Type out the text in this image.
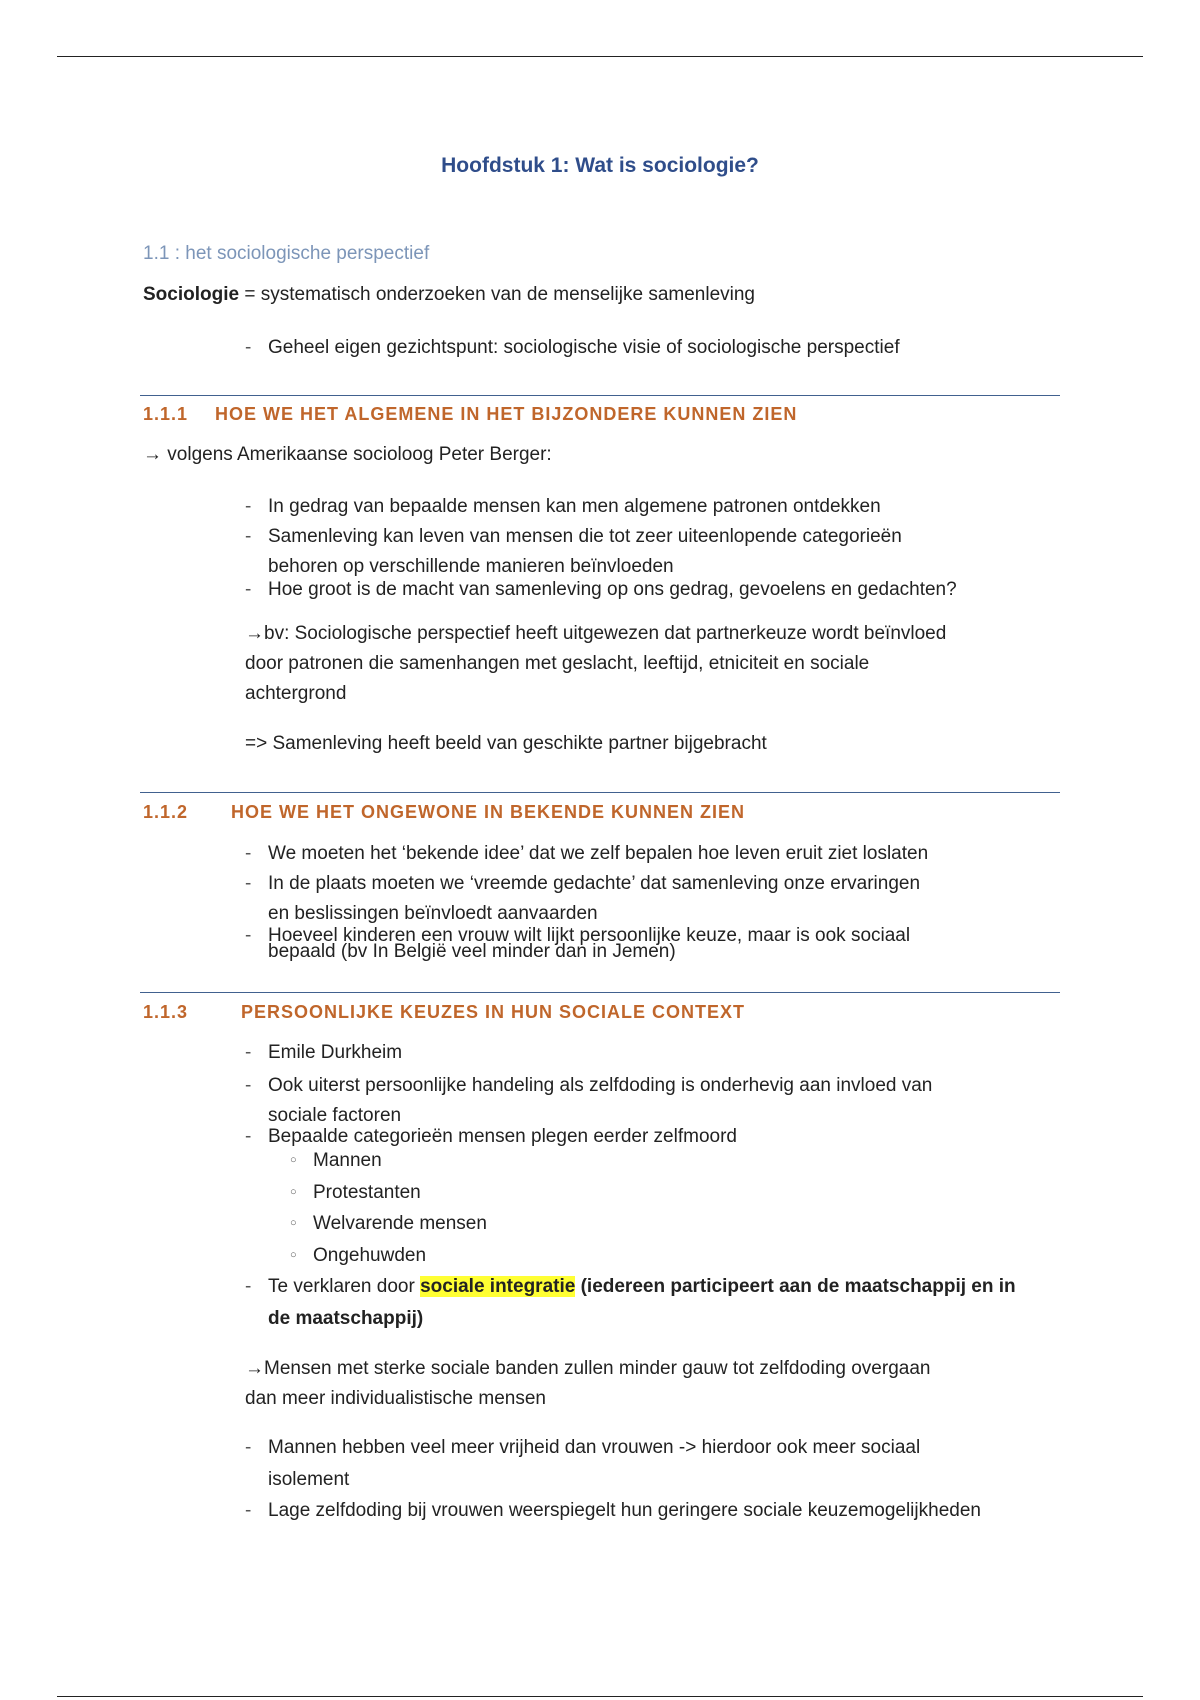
Hoofdstuk 1: Wat is sociologie?
1.1 : het sociologische perspectief
Sociologie = systematisch onderzoeken van de menselijke samenleving
- Geheel eigen gezichtspunt: sociologische visie of sociologische perspectief
1.1.1 HOE WE HET ALGEMENE IN HET BIJZONDERE KUNNEN ZIEN
→ volgens Amerikaanse socioloog Peter Berger:
- In gedrag van bepaalde mensen kan men algemene patronen ontdekken
- Samenleving kan leven van mensen die tot zeer uiteenlopende categorieën
behoren op verschillende manieren beïnvloeden
- Hoe groot is de macht van samenleving op ons gedrag, gevoelens en gedachten?
→bv: Sociologische perspectief heeft uitgewezen dat partnerkeuze wordt beïnvloed
door patronen die samenhangen met geslacht, leeftijd, etniciteit en sociale
achtergrond
=> Samenleving heeft beeld van geschikte partner bijgebracht
1.1.2 HOE WE HET ONGEWONE IN BEKENDE KUNNEN ZIEN
- We moeten het ‘bekende idee’ dat we zelf bepalen hoe leven eruit ziet loslaten
- In de plaats moeten we ‘vreemde gedachte’ dat samenleving onze ervaringen
en beslissingen beïnvloedt aanvaarden
- Hoeveel kinderen een vrouw wilt lijkt persoonlijke keuze, maar is ook sociaal
bepaald (bv In België veel minder dan in Jemen)
1.1.3	PERSOONLIJKE KEUZES IN HUN SOCIALE CONTEXT
- Emile Durkheim
- Ook uiterst persoonlijke handeling als zelfdoding is onderhevig aan invloed van
sociale factoren
- Bepaalde categorieën mensen plegen eerder zelfmoord
○ Mannen
○ Protestanten
○ Welvarende mensen
○ Ongehuwden
- Te verklaren door sociale integratie (iedereen participeert aan de maatschappij en in
de maatschappij)
→Mensen met sterke sociale banden zullen minder gauw tot zelfdoding overgaan
dan meer individualistische mensen
- Mannen hebben veel meer vrijheid dan vrouwen -> hierdoor ook meer sociaal
isolement
- Lage zelfdoding bij vrouwen weerspiegelt hun geringere sociale keuzemogelijkheden
